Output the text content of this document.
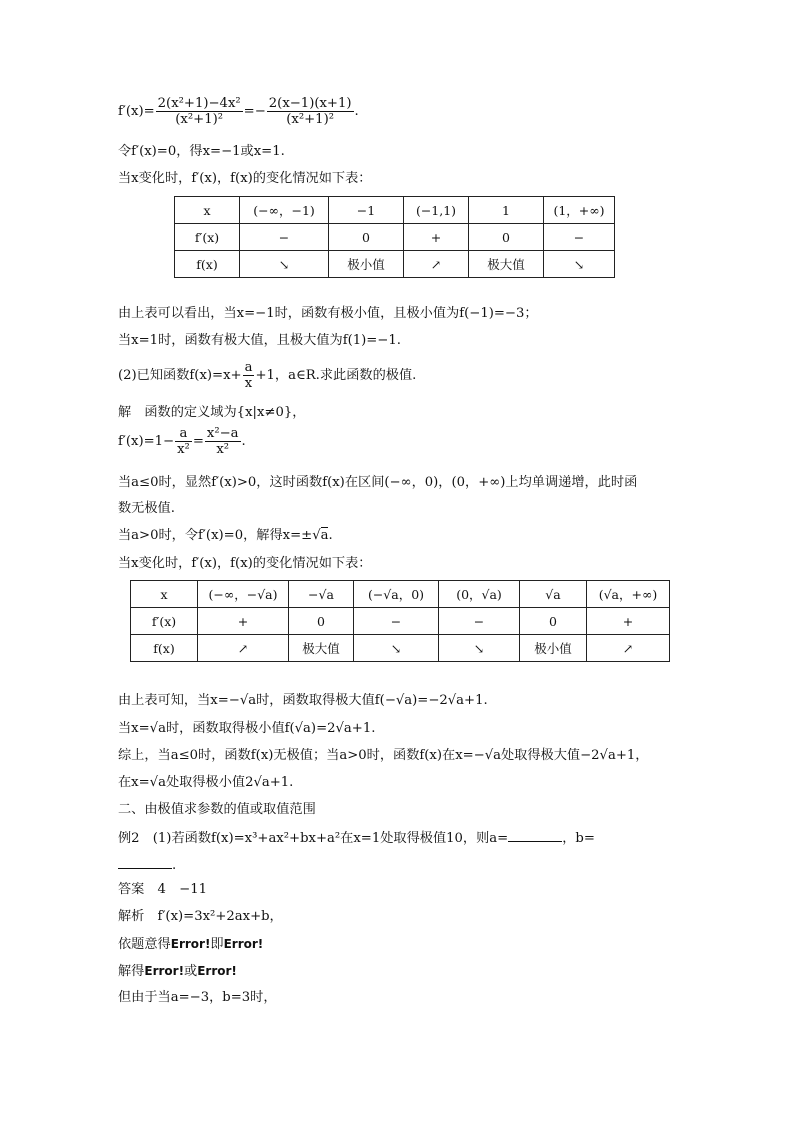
$f'(x)= \frac{\text{2(x²+1)−4x²}}{\text{(x²+1)²}} =- \frac{2(x-1)(x+1)}{\text{(x²+1)²}}$ .
令f′(x)=0，得x=−1或x=1.
当x变化时，f′(x)，f(x)的变化情况如下表：
x	(−∞，−1)	−1	(−1,1)	1	(1，+∞)
f′(x)	−	0	+	0	−
f(x)	↘	极小值	↗	极大值	↘
由上表可以看出，当x=−1时，函数有极小值，且极小值为f(−1)=−3；
当x=1时，函数有极大值，且极大值为f(1)=−1.
(2)已知函数$f(x)=x+ \frac{a}{x} +1$，a∈R.求此函数的极值.
解　函数的定义域为{x|x≠0}，
$f'(x)=1- \frac{a}{\text{x²}} = \frac{\text{x²−a}}{\text{x²}}$ .
当a≤0时，显然f′(x)>0，这时函数f(x)在区间(−∞，0)，(0，+∞)上均单调递增，此时函
数无极值.
当a>0时，令f′(x)=0，解得x=±√a.
当x变化时，f′(x)，f(x)的变化情况如下表：
x	(−∞，−√a)	−√a	(−√a，0)	(0，√a)	√a	(√a，+∞)
f′(x)	+	0	−	−	0	+
f(x)	↗	极大值	↘	↘	极小值	↗
由上表可知，当x=−√a时，函数取得极大值f(−√a)=−2√a+1.
当x=√a时，函数取得极小值f(√a)=2√a+1.
综上，当a≤0时，函数f(x)无极值；当a>0时，函数f(x)在x=−√a处取得极大值−2√a+1，
在x=√a处取得极小值2√a+1.
二、由极值求参数的值或取值范围
例2　(1)若函数f(x)=x³+ax²+bx+a²在x=1处取得极值10，则a=	，b=
.
答案　4　−11
解析　f′(x)=3x²+2ax+b，
依题意得Error!即Error!
解得Error!或Error!
但由于当a=−3，b=3时，
